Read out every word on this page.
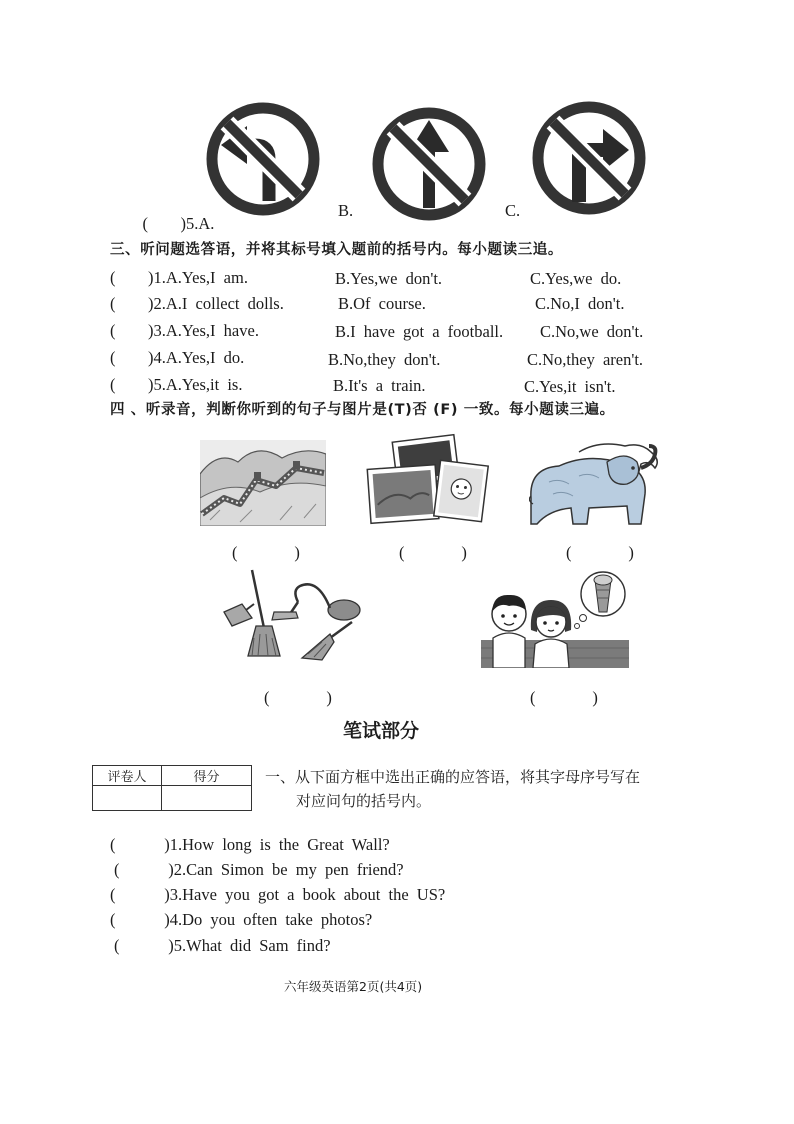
(    )5.A.

B.	C.
三、听问题选答语，并将其标号填入题前的括号内。每小题读三追。
(    )1.A.Yes,I am.	B.Yes,we don't.	C.Yes,we do.
(    )2.A.I collect dolls.	B.Of course.	C.No,I don't.
(    )3.A.Yes,I have.	B.I have got a football. C.No,we don't.
(    )4.A.Yes,I do.	B.No,they don't.	C.No,they aren't.
(    )5.A.Yes,it is.	B.It's a train.	C.Yes,it isn't.
四 、听录音，判断你听到的句子与图片是(T)否 (F) 一致。每小题读三遍。
(       )	(       )	(       )
(       )	(       )
笔试部分
评卷人	得分
		一、从下面方框中选出正确的应答语，将其字母序号写在
对应问句的括号内。
(      )1.How long is the Great Wall?
(      )2.Can Simon be my pen friend?
(      )3.Have you got a book about the US?
(      )4.Do you often take photos?
(      )5.What did Sam find?
六年级英语第2页(共4页)
